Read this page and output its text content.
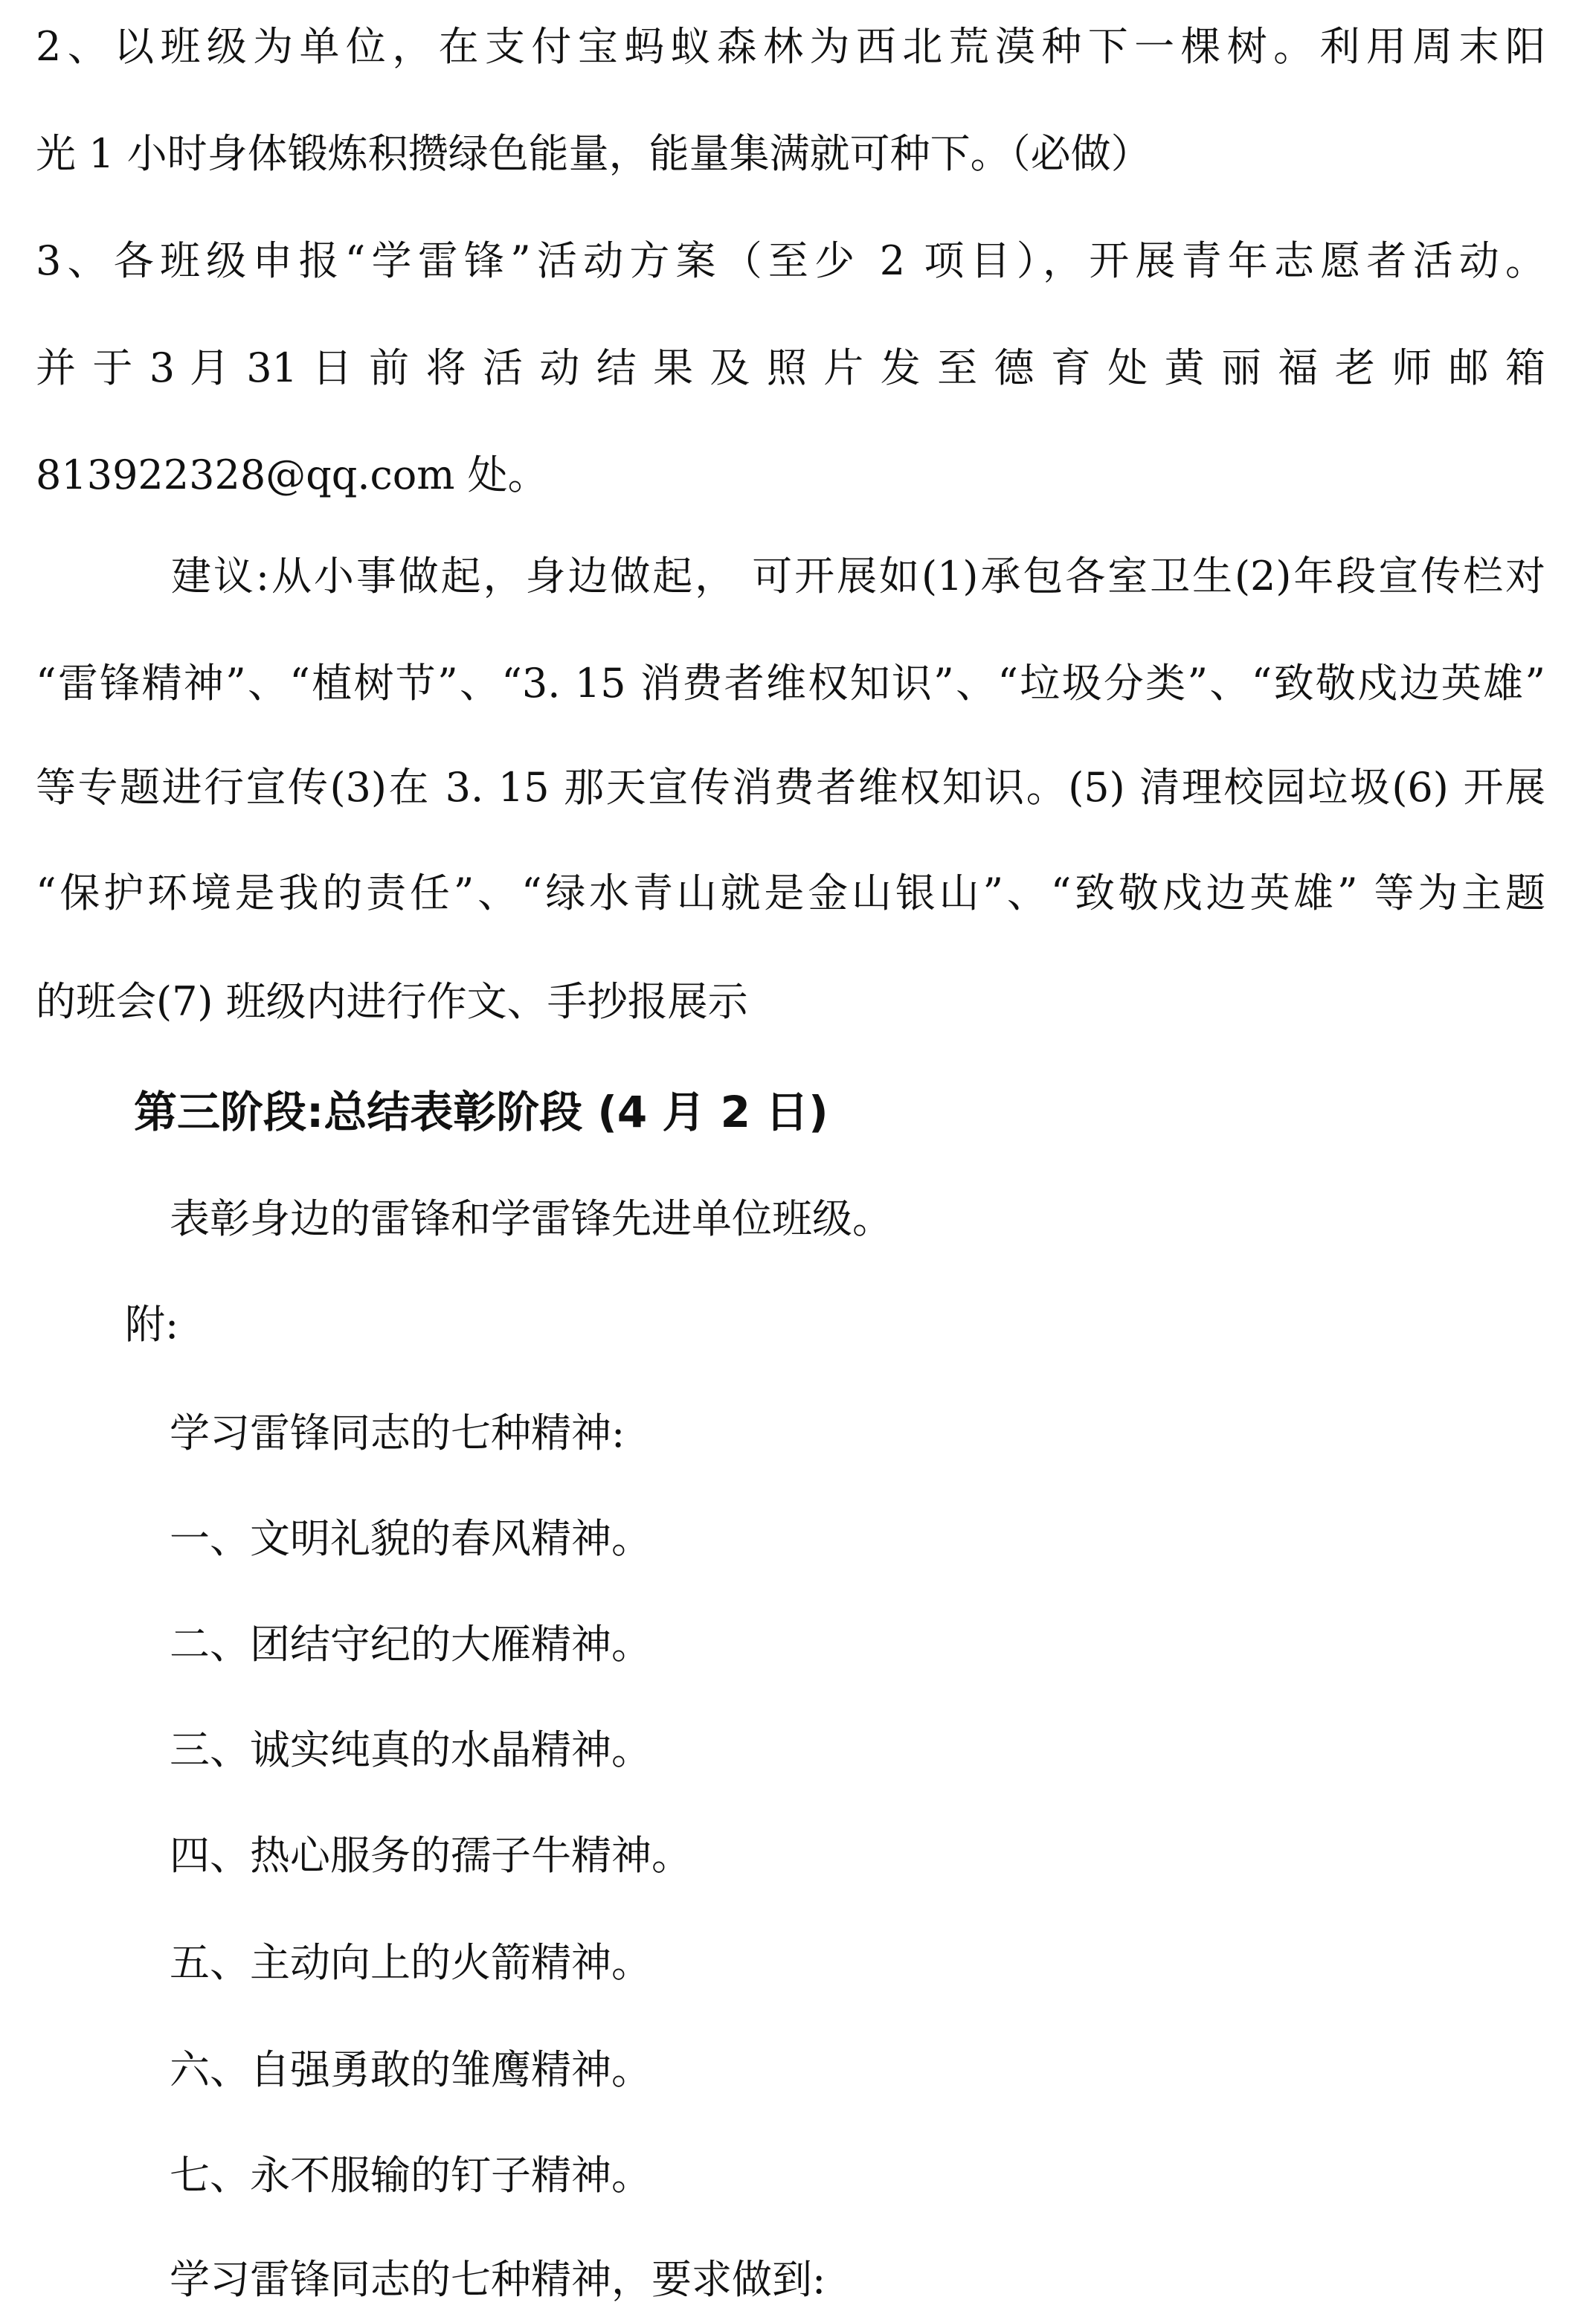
2、以班级为单位，在支付宝蚂蚁森林为西北荒漠种下一棵树。利用周末阳
光 1 小时身体锻炼积攒绿色能量，能量集满就可种下。（必做）
3、各班级申报“学雷锋”活动方案（至少 2 项目），开展青年志愿者活动。
并 于 3 月 31 日 前 将 活 动 结 果 及 照 片 发 至 德 育 处 黄 丽 福 老 师 邮 箱
813922328@qq.com 处。
建议:从小事做起，身边做起， 可开展如(1)承包各室卫生(2)年段宣传栏对
“雷锋精神”、“植树节”、“3. 15 消费者维权知识”、“垃圾分类”、“致敬戍边英雄”
等专题进行宣传(3)在 3. 15 那天宣传消费者维权知识。(5) 清理校园垃圾(6) 开展
“保护环境是我的责任”、“绿水青山就是金山银山”、“致敬戍边英雄” 等为主题
的班会(7) 班级内进行作文、手抄报展示
第三阶段:总结表彰阶段 (4 月 2 日)
表彰身边的雷锋和学雷锋先进单位班级。
附:
学习雷锋同志的七种精神:
一、文明礼貌的春风精神。
二、团结守纪的大雁精神。
三、诚实纯真的水晶精神。
四、热心服务的孺子牛精神。
五、主动向上的火箭精神。
六、自强勇敢的雏鹰精神。
七、永不服输的钉子精神。
学习雷锋同志的七种精神，要求做到:
